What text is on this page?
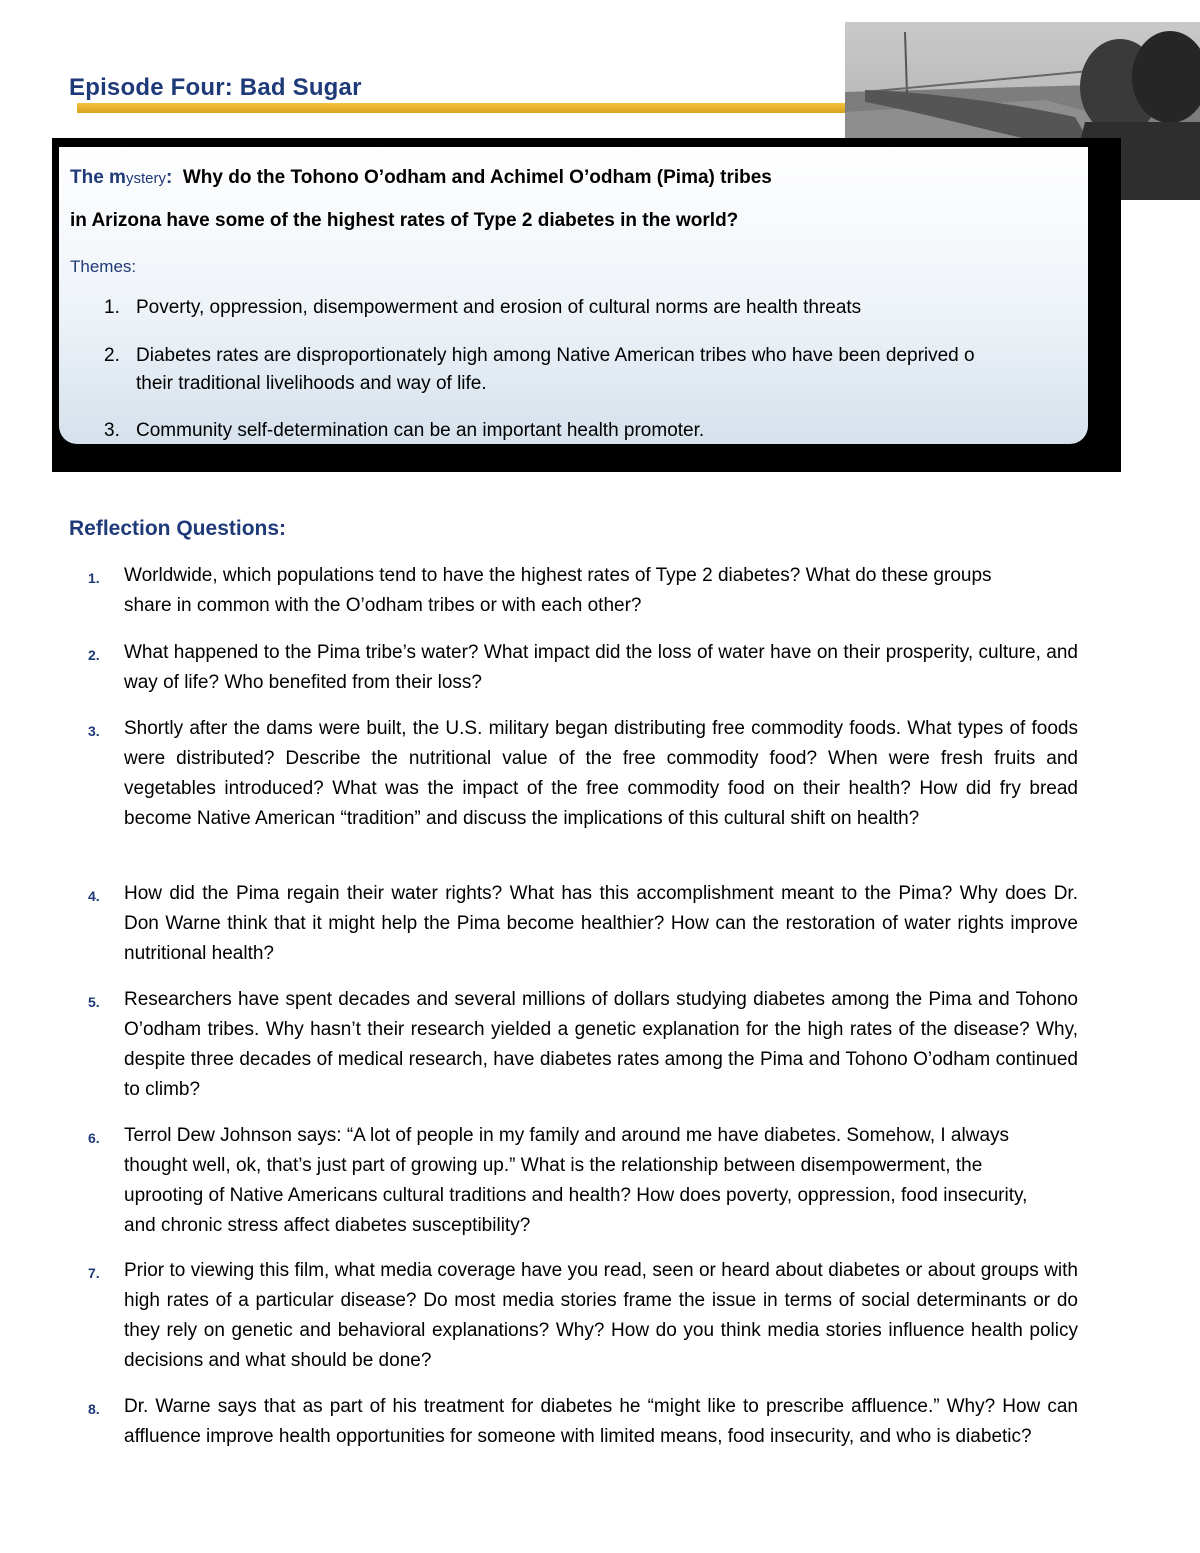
Episode Four: Bad Sugar
The mystery: Why do the Tohono O’odham and Achimel O’odham (Pima) tribes
in Arizona have some of the highest rates of Type 2 diabetes in the world?
Themes:
1. Poverty, oppression, disempowerment and erosion of cultural norms are health threats
2. Diabetes rates are disproportionately high among Native American tribes who have been deprived o
their traditional livelihoods and way of life.
3. Community self-determination can be an important health promoter.
Reflection Questions:
1.	Worldwide, which populations tend to have the highest rates of Type 2 diabetes? What do these groups share in common with the O’odham tribes or with each other?
2.	What happened to the Pima tribe’s water? What impact did the loss of water have on their prosperity, culture, and way of life? Who benefited from their loss?
3.	Shortly after the dams were built, the U.S. military began distributing free commodity foods. What types of foods were distributed? Describe the nutritional value of the free commodity food? When were fresh fruits and vegetables introduced? What was the impact of the free commodity food on their health? How did fry bread become Native American “tradition” and discuss the implications of this cultural shift on health?
4.	How did the Pima regain their water rights? What has this accomplishment meant to the Pima? Why does Dr. Don Warne think that it might help the Pima become healthier? How can the restoration of water rights improve nutritional health?
5.	Researchers have spent decades and several millions of dollars studying diabetes among the Pima and Tohono O’odham tribes. Why hasn’t their research yielded a genetic explanation for the high rates of the disease? Why, despite three decades of medical research, have diabetes rates among the Pima and Tohono O’odham continued to climb?
6.	Terrol Dew Johnson says: “A lot of people in my family and around me have diabetes. Somehow, I always thought well, ok, that’s just part of growing up.” What is the relationship between disempowerment, the uprooting of Native Americans cultural traditions and health? How does poverty, oppression, food insecurity, and chronic stress affect diabetes susceptibility?
7.	Prior to viewing this film, what media coverage have you read, seen or heard about diabetes or about groups with high rates of a particular disease? Do most media stories frame the issue in terms of social determinants or do they rely on genetic and behavioral explanations? Why? How do you think media stories influence health policy decisions and what should be done?
8.	Dr. Warne says that as part of his treatment for diabetes he “might like to prescribe affluence.” Why? How can affluence improve health opportunities for someone with limited means, food insecurity, and who is diabetic?
